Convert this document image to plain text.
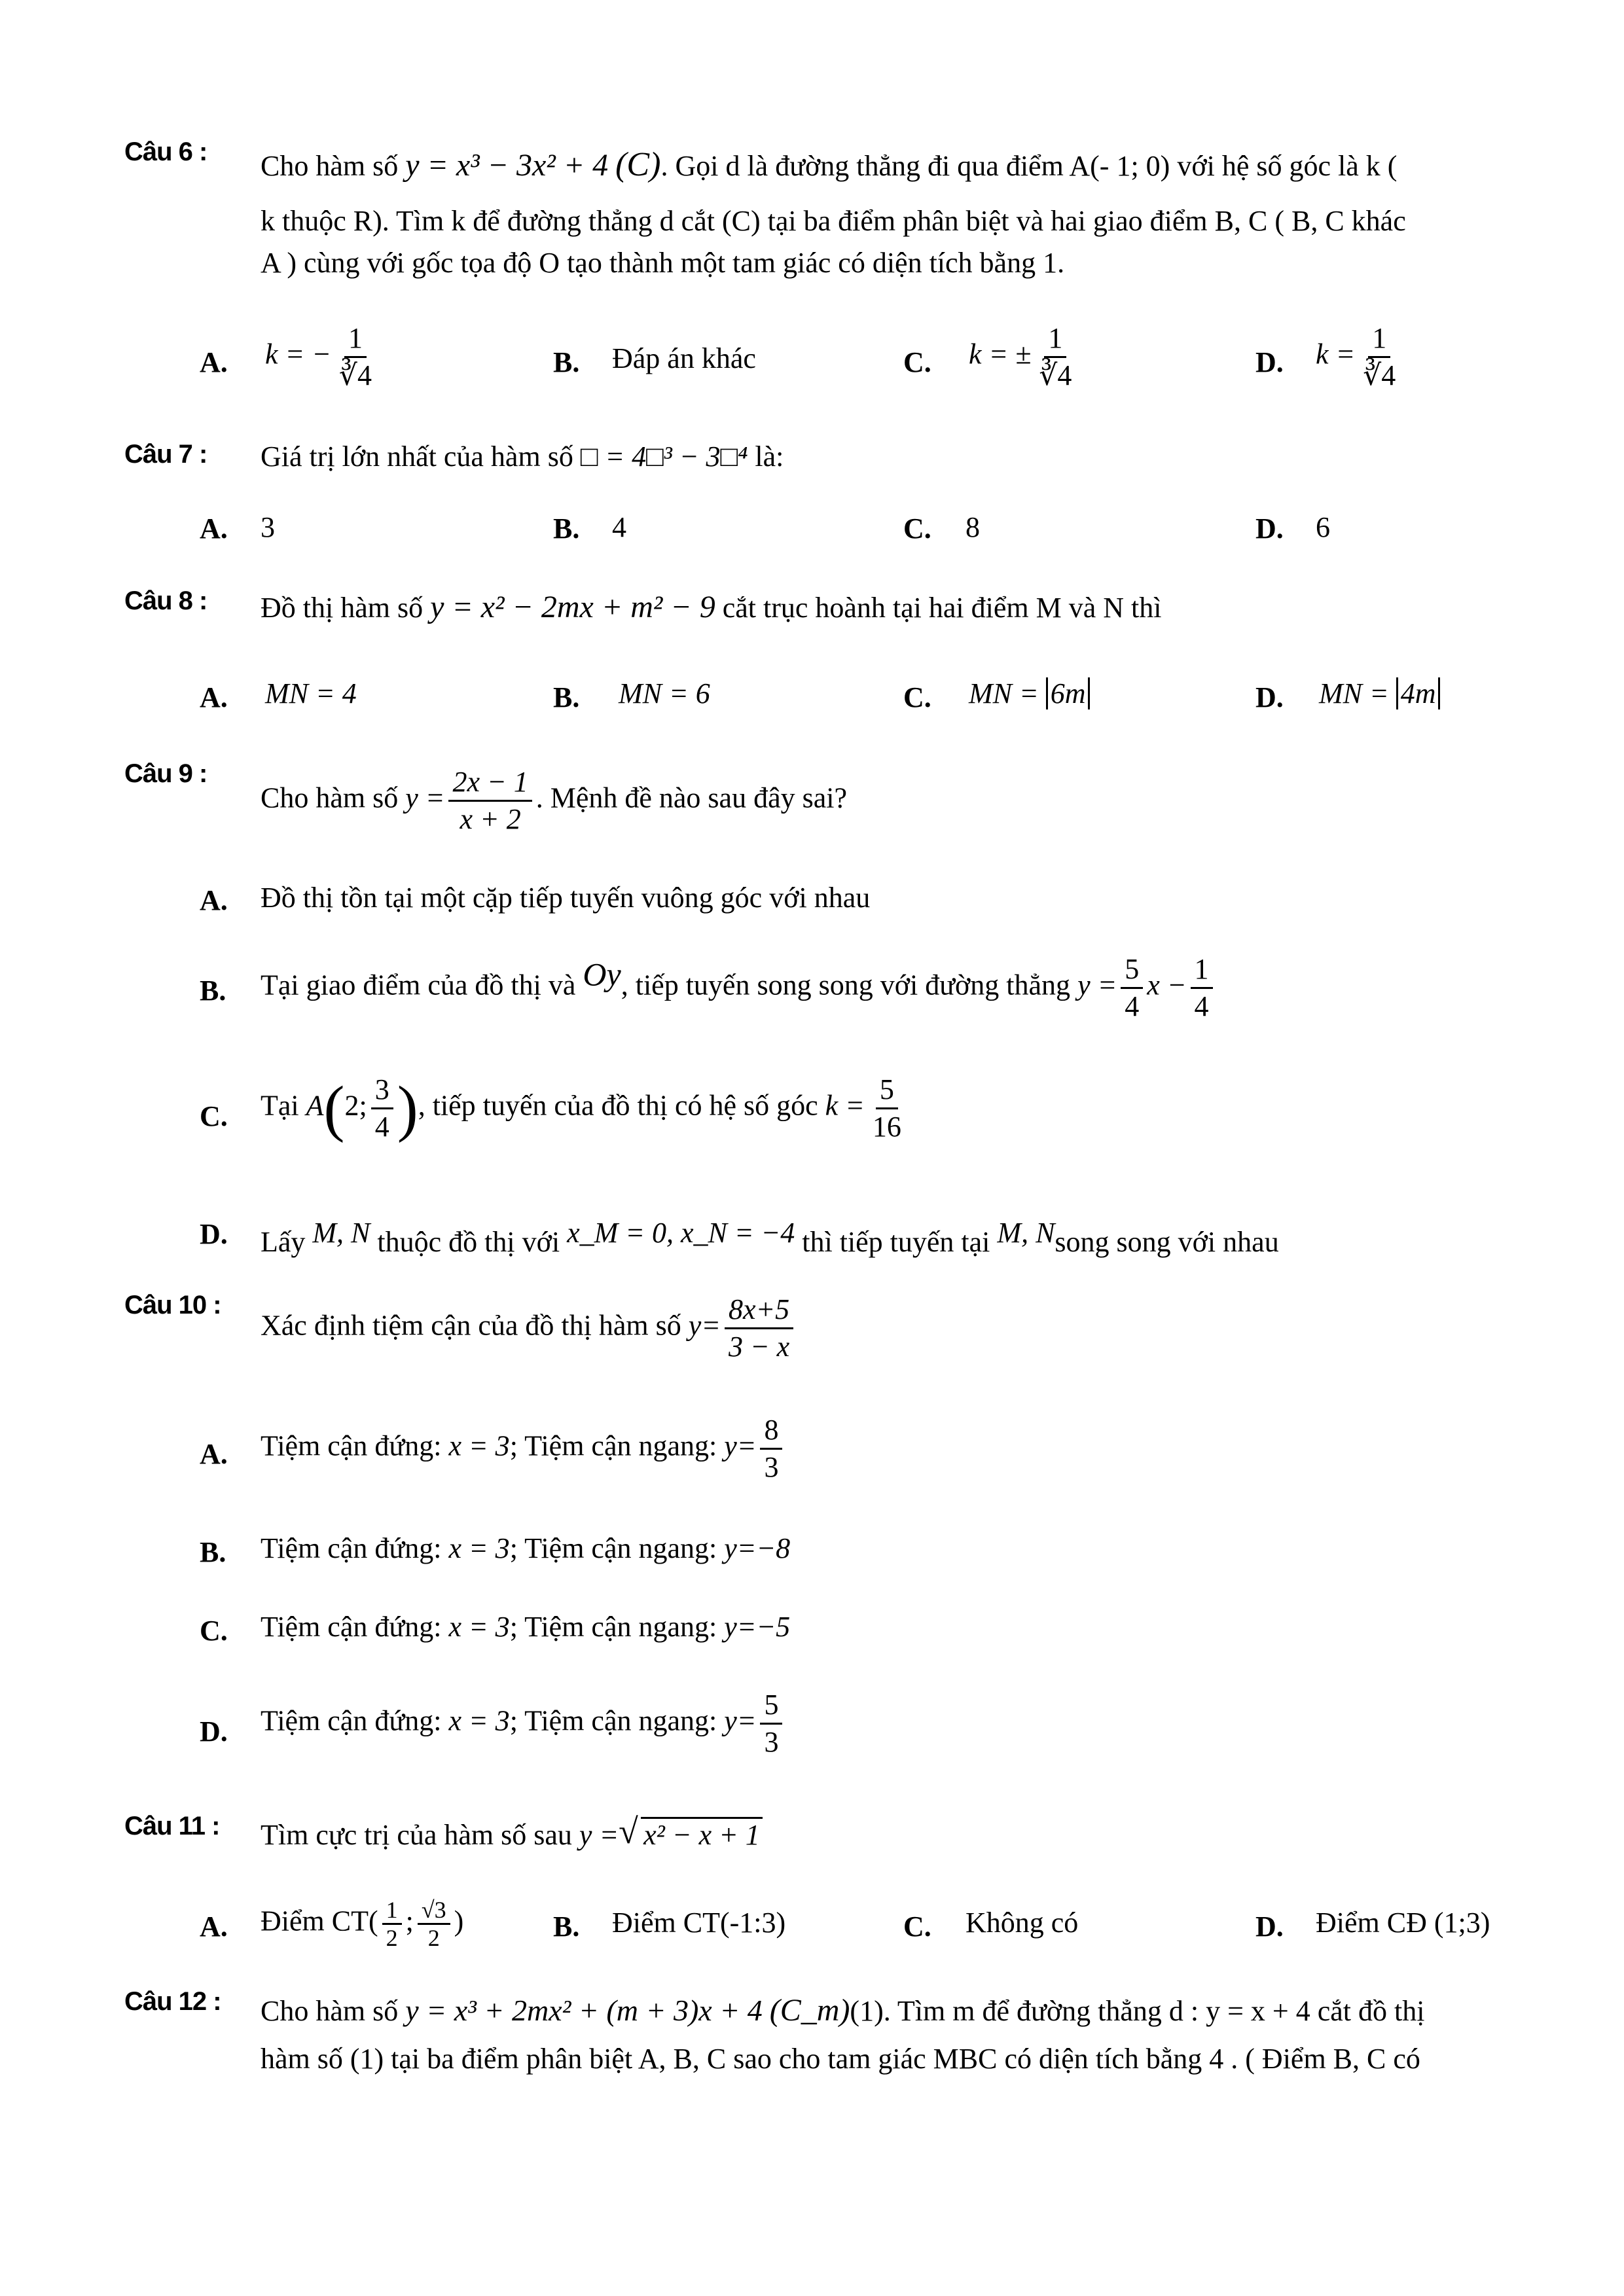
Câu 6 : Cho hàm số y = x³ − 3x² + 4 (C). Gọi d là đường thẳng đi qua điểm A(- 1; 0) với hệ số góc là k (
k thuộc R). Tìm k để đường thẳng d cắt (C) tại ba điểm phân biệt và hai giao điểm B, C ( B, C khác
A ) cùng với gốc tọa độ O tạo thành một tam giác có diện tích bằng 1.
A. k = − $\frac{1}{∛4}$	B. Đáp án khác	C. k = ± $\frac{1}{∛4}$	D. $k = \frac{1}{∛4}$
Câu 7 : Giá trị lớn nhất của hàm số □ = 4□³ − 3□⁴ là:
A. 3	B. 4	C. 8	D. 6
Câu 8 : Đồ thị hàm số y = x² − 2mx + m² − 9 cắt trục hoành tại hai điểm M và N thì
A. MN = 4	B. MN = 6	C. MN = 6m	D. MN = 4m
Câu 9 :
Cho hàm số $y = \frac{2x - 1}{x + 2}$ . Mệnh đề nào sau đây sai?
A. Đồ thị tồn tại một cặp tiếp tuyến vuông góc với nhau
B. Tại giao điểm của đồ thị và Oy, tiếp tuyến song song với đường thẳng $y = \frac{5}{4}$ $x - \frac{1}{4}$
C. Tại A(2; $\frac{3}{4}$ ), tiếp tuyến của đồ thị có hệ số góc $k = \frac{5}{16}$
D. Lấy M, N thuộc đồ thị với x_M = 0, x_N = −4 thì tiếp tuyến tại M, Nsong song với nhau
Câu 10 :
Xác định tiệm cận của đồ thị hàm số $y= \frac{8x+5}{3 - x}$
A. Tiệm cận đứng: x = 3; Tiệm cận ngang: $y= \frac{8}{3}$
B. Tiệm cận đứng: x = 3; Tiệm cận ngang: y=−8
C. Tiệm cận đứng: x = 3; Tiệm cận ngang: y=−5
D. Tiệm cận đứng: x = 3; Tiệm cận ngang: $y= \frac{5}{3}$
Câu 11 : Tìm cực trị của hàm số sau y = √ x² − x + 1
A. Điểm $CT( \frac{1}{2}$ ; $\frac{√3}{2}$ )	B. Điểm CT(-1:3)	C. Không có	D. Điểm CĐ (1;3)
Câu 12 : Cho hàm số y = x³ + 2mx² + (m + 3)x + 4 (C_m)(1). Tìm m để đường thẳng d : y = x + 4 cắt đồ thị
hàm số (1) tại ba điểm phân biệt A, B, C sao cho tam giác MBC có diện tích bằng 4 . ( Điểm B, C có
